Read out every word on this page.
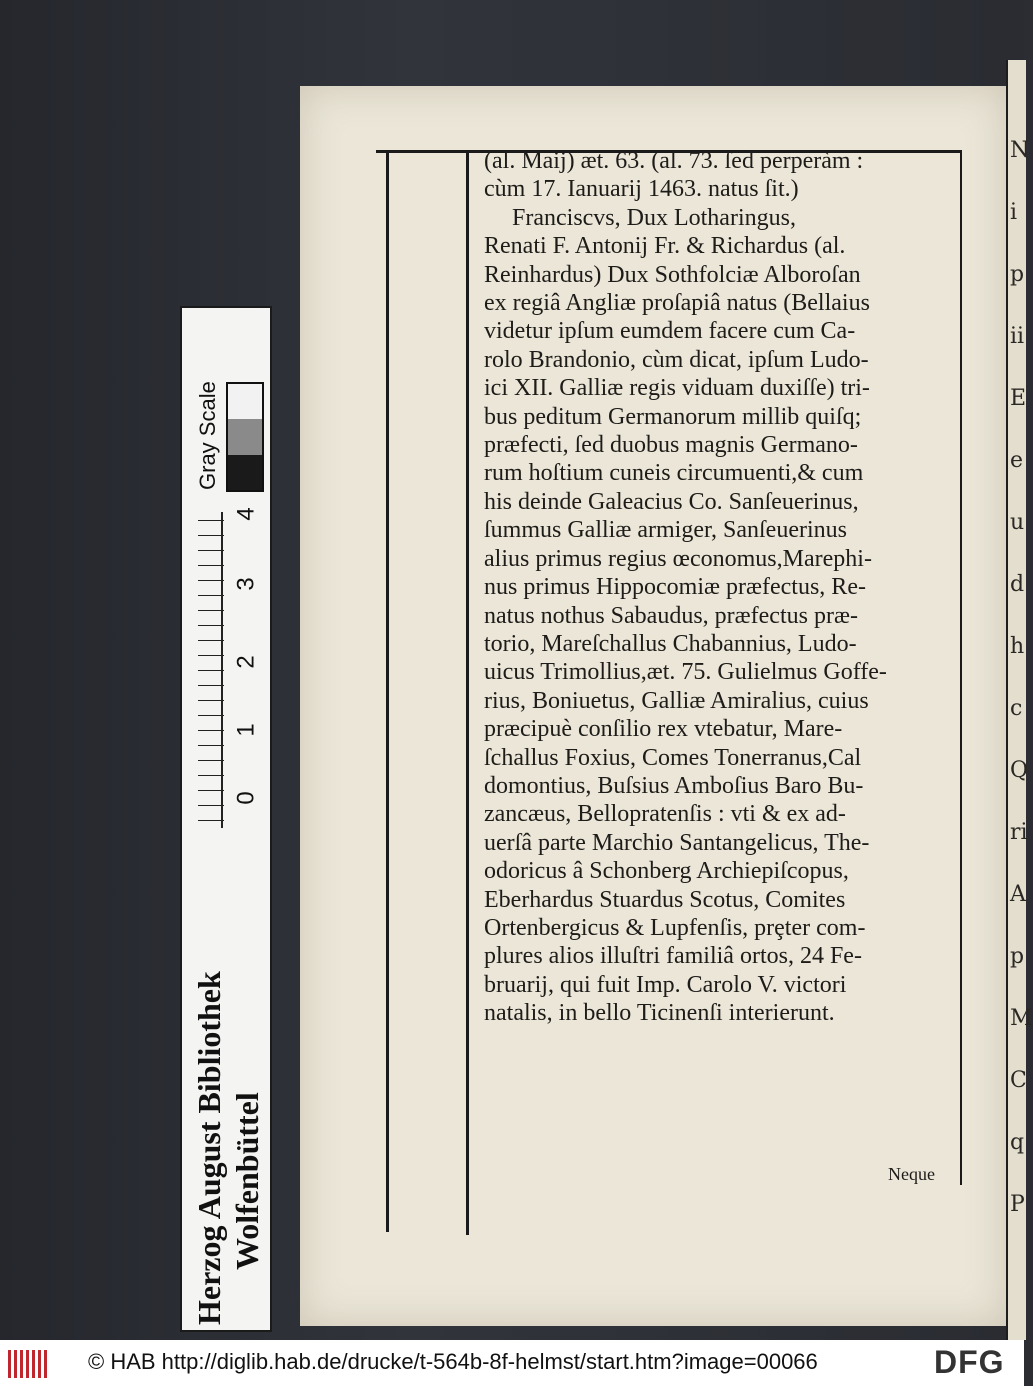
N
i
p
ii
E
e
u
d
h
c
Q
ri
A
p
M
C
q
P
(al. Maij) æt. 63. (al. 73. ſed perperàm :
cùm 17. Ianuarij 1463. natus ſit.)
Franciscvs, Dux Lotharingus,
Renati F. Antonij Fr. & Richardus (al.
Reinhardus) Dux Sothfolciæ Alboroſan
ex regiâ Angliæ proſapiâ natus (Bellaius
videtur ipſum eumdem facere cum Ca-
rolo Brandonio, cùm dicat, ipſum Ludo-
ici XII. Galliæ regis viduam duxiſſe) tri-
bus peditum Germanorum millib quiſq;
præfecti, ſed duobus magnis Germano-
rum hoſtium cuneis circumuenti,& cum
his deinde Galeacius Co. Sanſeuerinus,
ſummus Galliæ armiger, Sanſeuerinus
alius primus regius œconomus,Marephi-
nus primus Hippocomiæ præfectus, Re-
natus nothus Sabaudus, præfectus præ-
torio, Mareſchallus Chabannius, Ludo-
uicus Trimollius,æt. 75. Gulielmus Goffe-
rius, Boniuetus, Galliæ Amiralius, cuius
præcipuè conſilio rex vtebatur, Mare-
ſchallus Foxius, Comes Tonerranus,Cal
domontius, Buſsius Amboſius Baro Bu-
zancæus, Bellopratenſis : vti & ex ad-
uerſâ parte Marchio Santangelicus, The-
odoricus â Schonberg Archiepiſcopus,
Eberhardus Stuardus Scotus, Comites
Ortenbergicus & Lupfenſis, prȩter com-
plures alios illuſtri familiâ ortos, 24 Fe-
bruarij, qui fuit Imp. Carolo V. victori
natalis, in bello Ticinenſi interierunt.
Neque
Herzog August Bibliothek Wolfenbüttel
Gray Scale
0
1
2
3
4
© HAB http://diglib.hab.de/drucke/t-564b-8f-helmst/start.htm?image=00066	DFG
